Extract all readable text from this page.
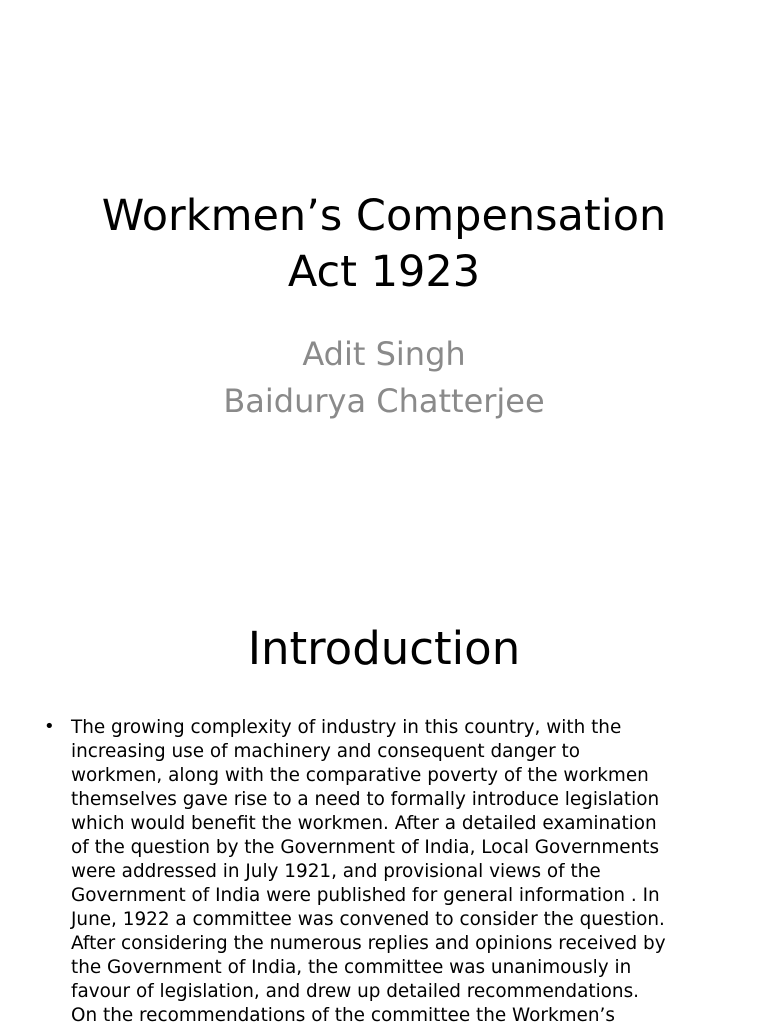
Workmen’s Compensation
Act 1923
Adit Singh
Baidurya Chatterjee
Introduction
• The growing complexity of industry in this country, with the
increasing use of machinery and consequent danger to
workmen, along with the comparative poverty of the workmen
themselves gave rise to a need to formally introduce legislation
which would benefit the workmen. After a detailed examination
of the question by the Government of India, Local Governments
were addressed in July 1921, and provisional views of the
Government of India were published for general information . In
June, 1922 a committee was convened to consider the question.
After considering the numerous replies and opinions received by
the Government of India, the committee was unanimously in
favour of legislation, and drew up detailed recommendations.
On the recommendations of the committee the Workmen’s
